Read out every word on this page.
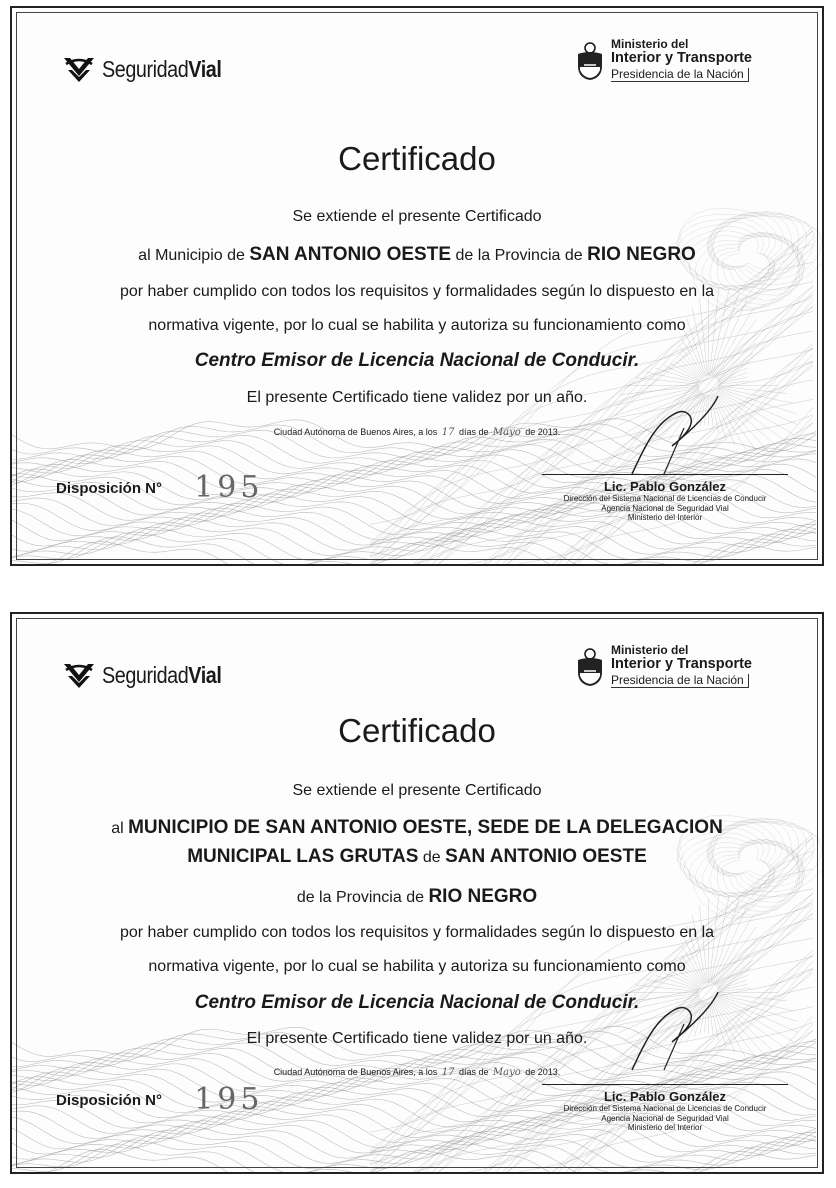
SeguridadVial
Ministerio del
Interior y Transporte
Presidencia de la Nación
Certificado
Se extiende el presente Certificado
al Municipio de SAN ANTONIO OESTE de la Provincia de RIO NEGRO
por haber cumplido con todos los requisitos y formalidades según lo dispuesto en la
normativa vigente, por lo cual se habilita y autoriza su funcionamiento como
Centro Emisor de Licencia Nacional de Conducir.
El presente Certificado tiene validez por un año.
Ciudad Autónoma de Buenos Aires, a los 17 días de Mayo de 2013.
Disposición N° 195	Lic. Pablo González
Dirección del Sistema Nacional de Licencias de Conducir
Agencia Nacional de Seguridad Vial
Ministerio del Interior
SeguridadVial
Ministerio del
Interior y Transporte
Presidencia de la Nación
Certificado
Se extiende el presente Certificado
al MUNICIPIO DE SAN ANTONIO OESTE, SEDE DE LA DELEGACION
MUNICIPAL LAS GRUTAS de SAN ANTONIO OESTE
de la Provincia de RIO NEGRO
por haber cumplido con todos los requisitos y formalidades según lo dispuesto en la
normativa vigente, por lo cual se habilita y autoriza su funcionamiento como
Centro Emisor de Licencia Nacional de Conducir.
El presente Certificado tiene validez por un año.
Ciudad Autónoma de Buenos Aires, a los 17 días de Mayo de 2013.
Disposición N° 195	Lic. Pablo González
Dirección del Sistema Nacional de Licencias de Conducir
Agencia Nacional de Seguridad Vial
Ministerio del Interior
